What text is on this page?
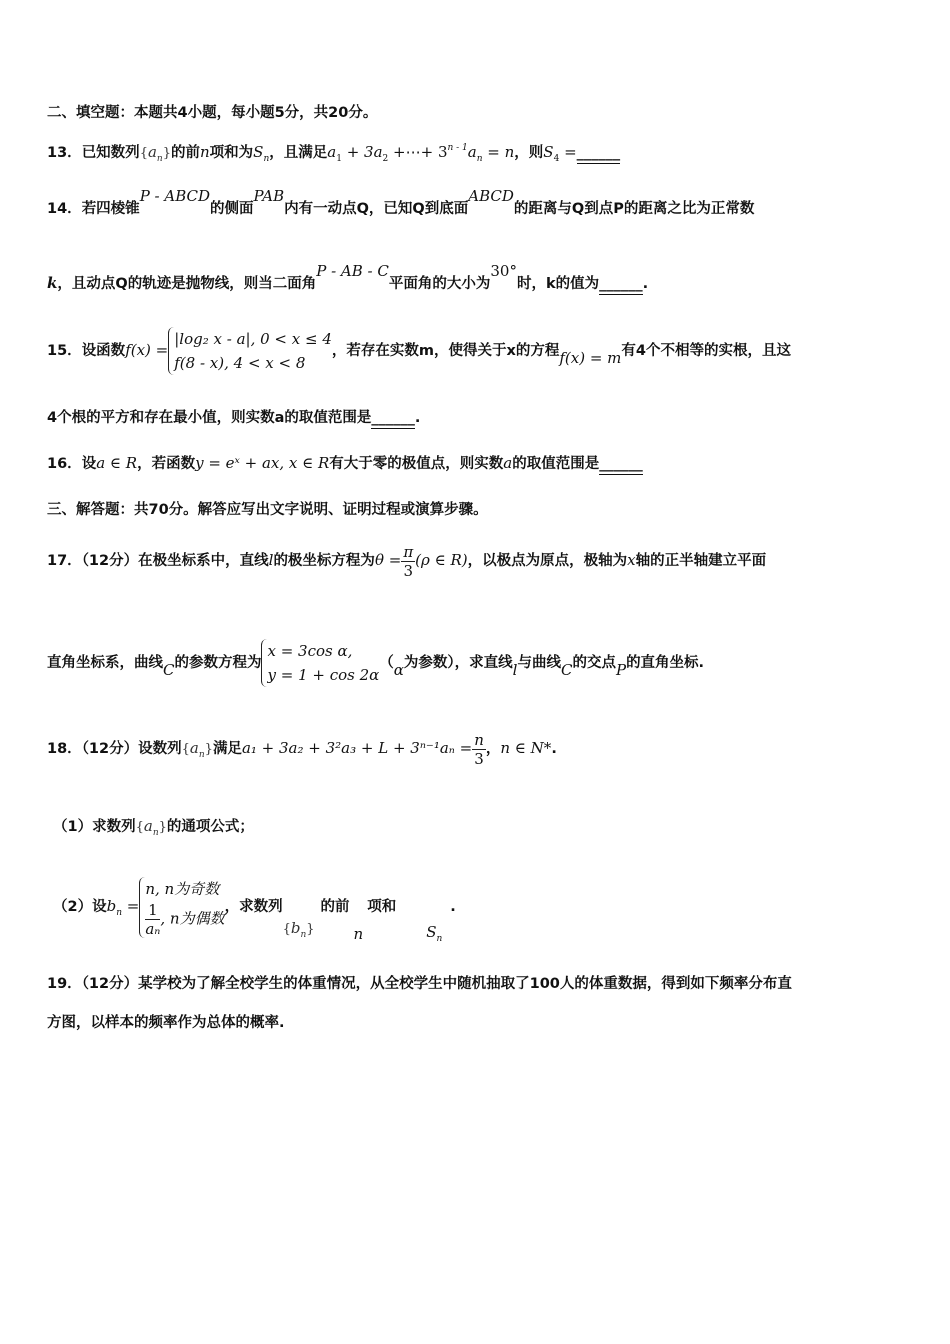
二、填空题：本题共4小题，每小题5分，共20分。
13．已知数列$\{a_n\}$的前n项和为$S_n$，且满足$a_1 + 3a_2$ +⋯+ $3^{n - 1}a_n = n$，则$S_4$ =______
14．若四棱锥P - ABCD的侧面PAB内有一动点Q，已知Q到底面ABCD的距离与Q到点P的距离之比为正常数
k，且动点Q的轨迹是抛物线，则当二面角P - AB - C平面角的大小为30°时，k的值为______.
15．设函数f(x) =
|log₂ x - a|, 0 < x ≤ 4
f(8 - x), 4 < x < 8
，若存在实数m，使得关于x的方程f(x) = m有4个不相等的实根，且这
4个根的平方和存在最小值，则实数a的取值范围是______.
16．设a ∈ R，若函数y = eˣ + ax, x ∈ R有大于零的极值点，则实数a的取值范围是______
三、解答题：共70分。解答应写出文字说明、证明过程或演算步骤。
17．（12分）在极坐标系中，直线l的极坐标方程为$\theta = \frac{\pi}{3} (\rho$ ∈ R)，以极点为原点，极轴为x轴的正半轴建立平面
直角坐标系，曲线C的参数方程为
x = 3cos α,
y = 1 + cos 2α
（α为参数），求直线l与曲线C的交点P的直角坐标.
18．（12分）设数列$\{a_n\}$满足$a_1 + 3a_2 + 3^2a_3 + L + 3^{n-1}a_n = \frac{n}{3}$ ，n ∈ N*.
（1）求数列$\{a_n\}$的通项公式；
（2）设$b_n$ =
n, n为奇数
$\frac{1}{\text{aₙ}}$ , n为偶数
，求数列$\{b_n\}$的前n项和$S_n$.
19．（12分）某学校为了解全校学生的体重情况，从全校学生中随机抽取了100人的体重数据，得到如下频率分布直
方图，以样本的频率作为总体的概率.
